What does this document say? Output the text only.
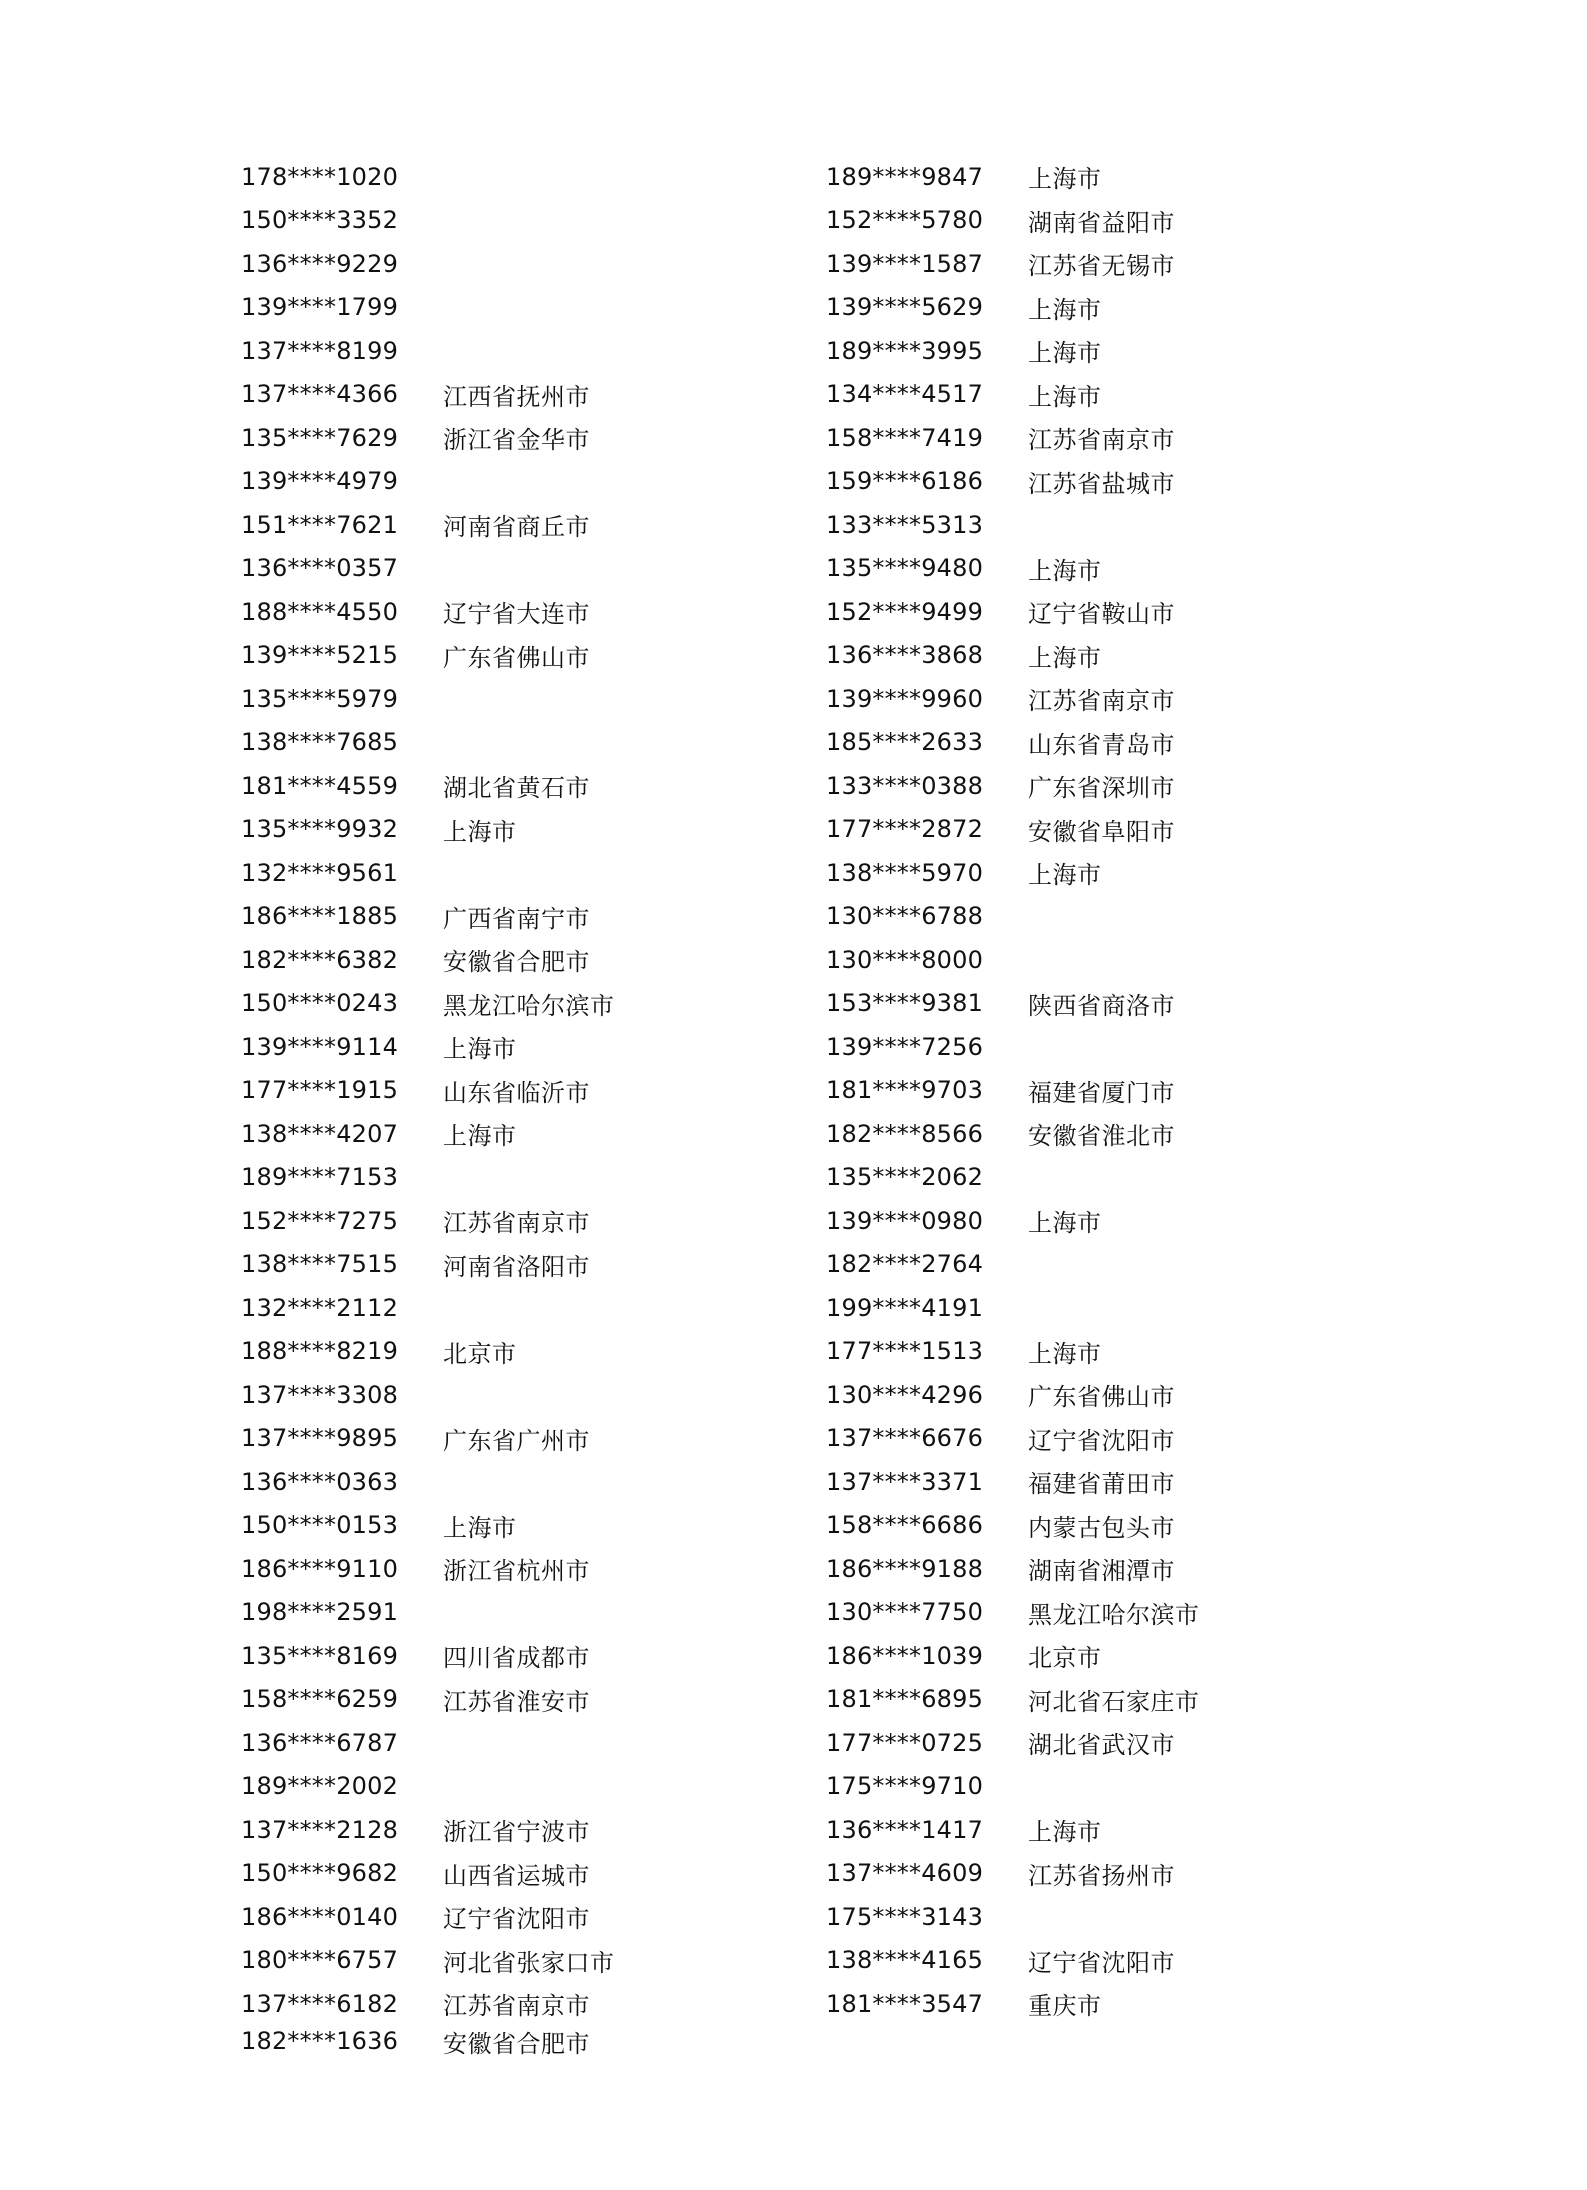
178****1020
150****3352
136****9229
139****1799
137****8199
137****4366	江西省抚州市
135****7629	浙江省金华市
139****4979
151****7621	河南省商丘市
136****0357
188****4550	辽宁省大连市
139****5215	广东省佛山市
135****5979
138****7685
181****4559	湖北省黄石市
135****9932	上海市
132****9561
186****1885	广西省南宁市
182****6382	安徽省合肥市
150****0243	黑龙江哈尔滨市
139****9114	上海市
177****1915	山东省临沂市
138****4207	上海市
189****7153
152****7275	江苏省南京市
138****7515	河南省洛阳市
132****2112
188****8219	北京市
137****3308
137****9895	广东省广州市
136****0363
150****0153	上海市
186****9110	浙江省杭州市
198****2591
135****8169	四川省成都市
158****6259	江苏省淮安市
136****6787
189****2002
137****2128	浙江省宁波市
150****9682	山西省运城市
186****0140	辽宁省沈阳市
180****6757	河北省张家口市
137****6182	江苏省南京市
182****1636	安徽省合肥市
189****9847	上海市
152****5780	湖南省益阳市
139****1587	江苏省无锡市
139****5629	上海市
189****3995	上海市
134****4517	上海市
158****7419	江苏省南京市
159****6186	江苏省盐城市
133****5313
135****9480	上海市
152****9499	辽宁省鞍山市
136****3868	上海市
139****9960	江苏省南京市
185****2633	山东省青岛市
133****0388	广东省深圳市
177****2872	安徽省阜阳市
138****5970	上海市
130****6788
130****8000
153****9381	陕西省商洛市
139****7256
181****9703	福建省厦门市
182****8566	安徽省淮北市
135****2062
139****0980	上海市
182****2764
199****4191
177****1513	上海市
130****4296	广东省佛山市
137****6676	辽宁省沈阳市
137****3371	福建省莆田市
158****6686	内蒙古包头市
186****9188	湖南省湘潭市
130****7750	黑龙江哈尔滨市
186****1039	北京市
181****6895	河北省石家庄市
177****0725	湖北省武汉市
175****9710
136****1417	上海市
137****4609	江苏省扬州市
175****3143
138****4165	辽宁省沈阳市
181****3547	重庆市
